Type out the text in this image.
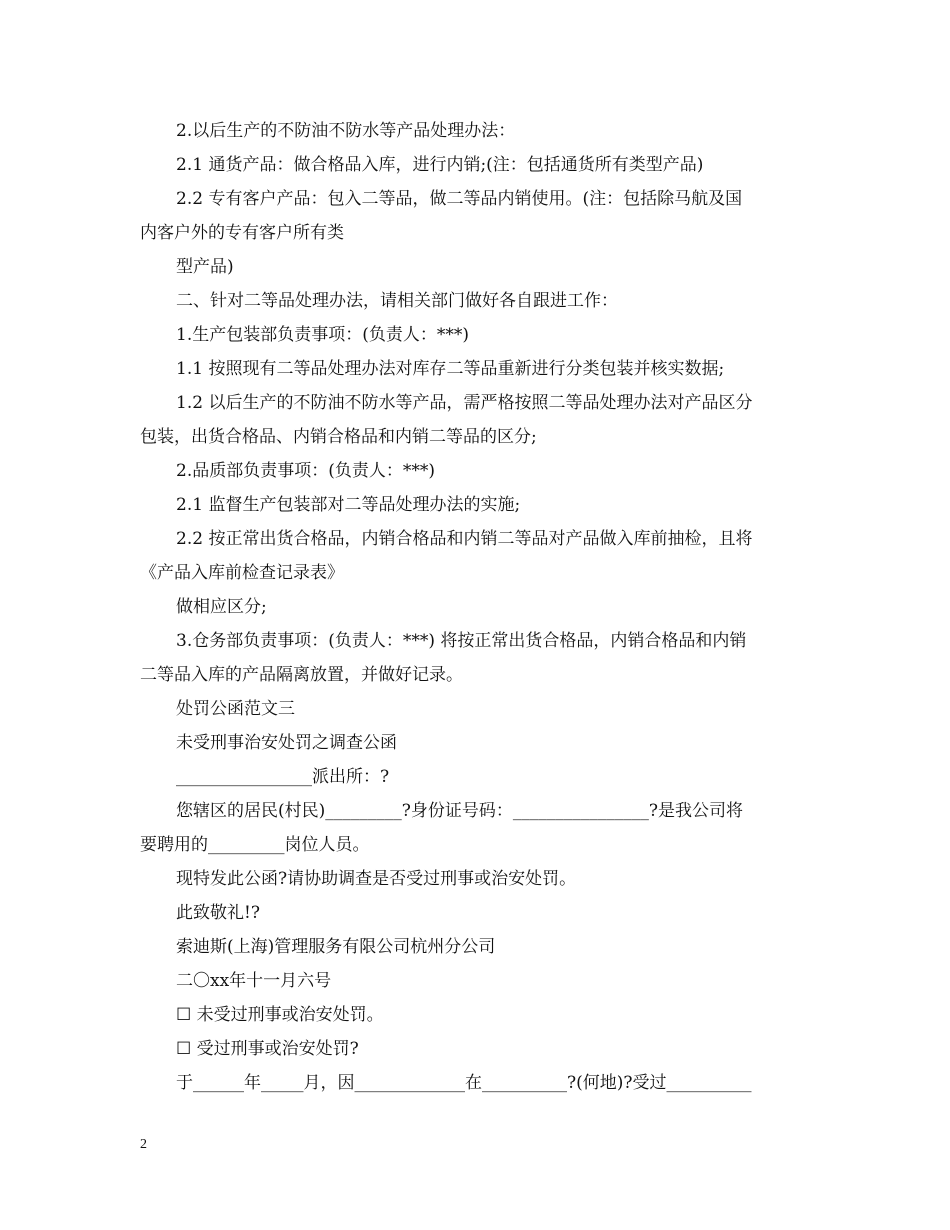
2.以后生产的不防油不防水等产品处理办法：
2.1 通货产品：做合格品入库，进行内销;(注：包括通货所有类型产品)
2.2 专有客户产品：包入二等品，做二等品内销使用。(注：包括除马航及国
内客户外的专有客户所有类
型产品)
二、针对二等品处理办法，请相关部门做好各自跟进工作：
1.生产包装部负责事项：(负责人：***)
1.1 按照现有二等品处理办法对库存二等品重新进行分类包装并核实数据;
1.2 以后生产的不防油不防水等产品，需严格按照二等品处理办法对产品区分
包装，出货合格品、内销合格品和内销二等品的区分;
2.品质部负责事项：(负责人：***)
2.1 监督生产包装部对二等品处理办法的实施;
2.2 按正常出货合格品，内销合格品和内销二等品对产品做入库前抽检，且将
《产品入库前检查记录表》
做相应区分;
3.仓务部负责事项：(负责人：***) 将按正常出货合格品，内销合格品和内销
二等品入库的产品隔离放置，并做好记录。
处罚公函范文三
未受刑事治安处罚之调查公函
________________派出所：?
您辖区的居民(村民)_________?身份证号码：________________?是我公司将
要聘用的_________岗位人员。
现特发此公函?请协助调查是否受过刑事或治安处罚。
此致敬礼!?
索迪斯(上海)管理服务有限公司杭州分公司
二〇xx年十一月六号
☐ 未受过刑事或治安处罚。
☐ 受过刑事或治安处罚?
于______年_____月，因_____________在__________?(何地)?受过__________
2
